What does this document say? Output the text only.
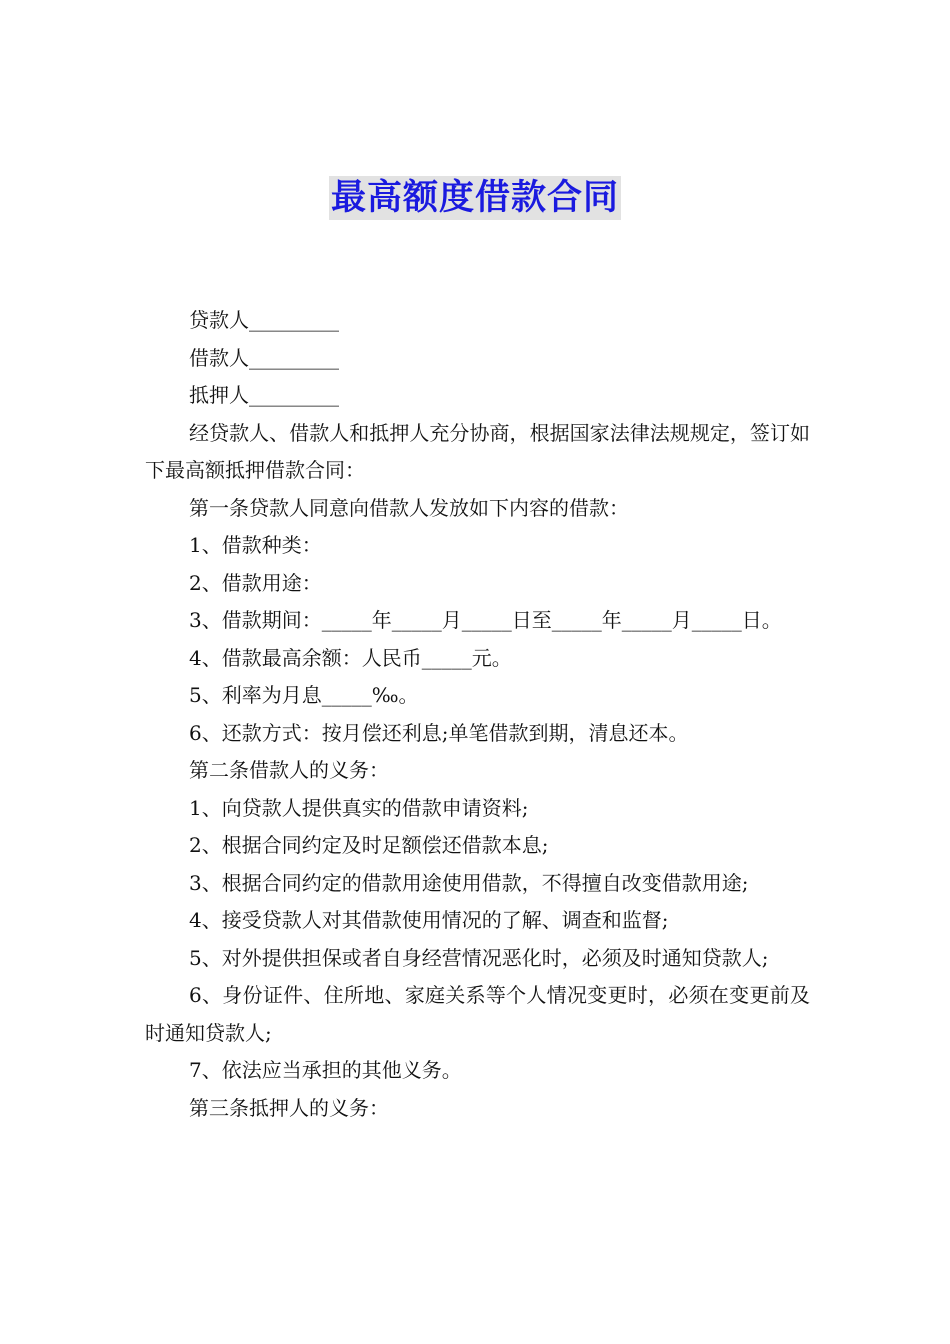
最高额度借款合同

贷款人_________

借款人_________

抵押人_________

经贷款人、借款人和抵押人充分协商，根据国家法律法规规定，签订如下最高额抵押借款合同：

第一条贷款人同意向借款人发放如下内容的借款：

1、借款种类：

2、借款用途：

3、借款期间：_____年_____月_____日至_____年_____月_____日。

4、借款最高余额：人民币_____元。

5、利率为月息_____‰。

6、还款方式：按月偿还利息;单笔借款到期，清息还本。

第二条借款人的义务：

1、向贷款人提供真实的借款申请资料;

2、根据合同约定及时足额偿还借款本息;

3、根据合同约定的借款用途使用借款，不得擅自改变借款用途;

4、接受贷款人对其借款使用情况的了解、调查和监督;

5、对外提供担保或者自身经营情况恶化时，必须及时通知贷款人;

6、身份证件、住所地、家庭关系等个人情况变更时，必须在变更前及时通知贷款人;

7、依法应当承担的其他义务。

第三条抵押人的义务：
